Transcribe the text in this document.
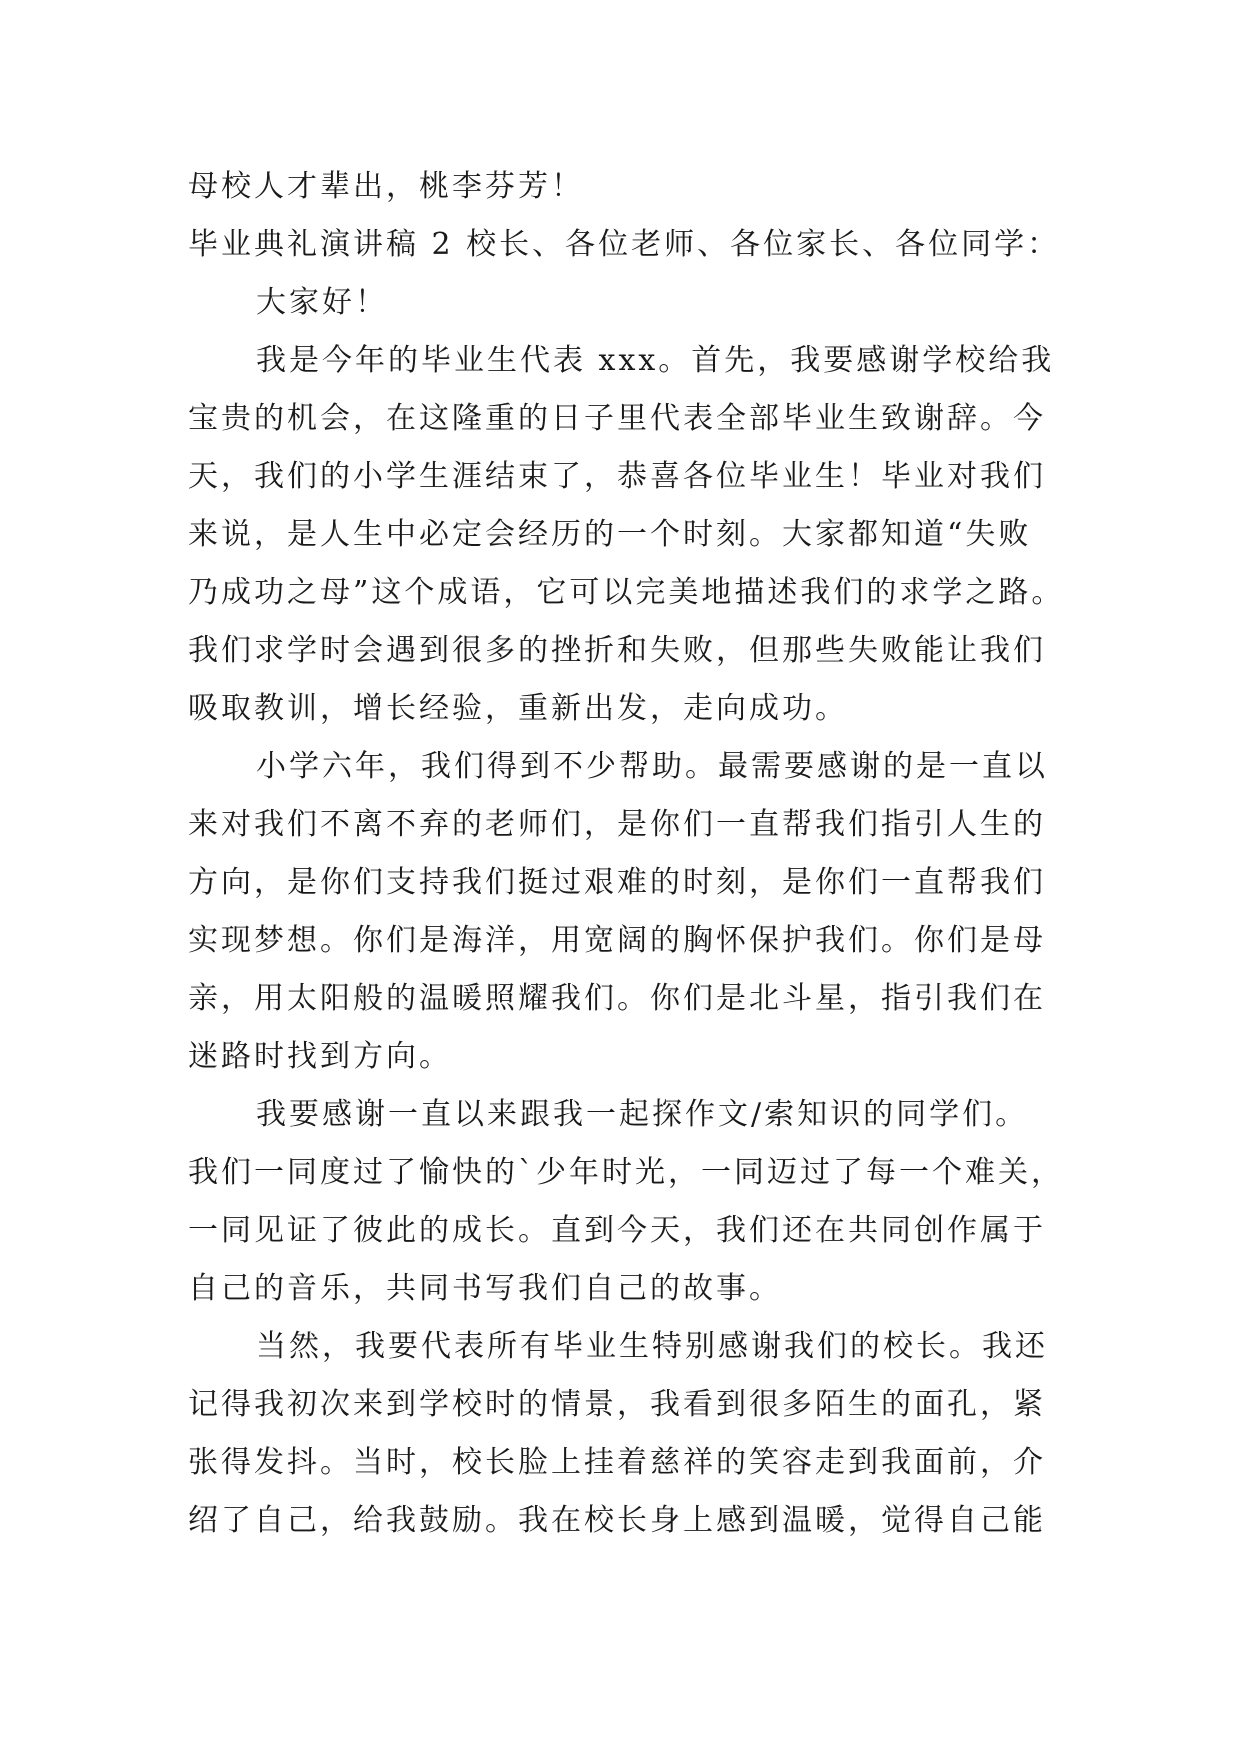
母校人才辈出，桃李芬芳！

毕业典礼演讲稿 2 校长、各位老师、各位家长、各位同学：

大家好！

我是今年的毕业生代表 xxx。首先，我要感谢学校给我

宝贵的机会，在这隆重的日子里代表全部毕业生致谢辞。今

天，我们的小学生涯结束了，恭喜各位毕业生！毕业对我们

来说，是人生中必定会经历的一个时刻。大家都知道“失败

乃成功之母”这个成语，它可以完美地描述我们的求学之路。

我们求学时会遇到很多的挫折和失败，但那些失败能让我们

吸取教训，增长经验，重新出发，走向成功。

小学六年，我们得到不少帮助。最需要感谢的是一直以

来对我们不离不弃的老师们，是你们一直帮我们指引人生的

方向，是你们支持我们挺过艰难的时刻，是你们一直帮我们

实现梦想。你们是海洋，用宽阔的胸怀保护我们。你们是母

亲，用太阳般的温暖照耀我们。你们是北斗星，指引我们在

迷路时找到方向。

我要感谢一直以来跟我一起探作文/索知识的同学们。

我们一同度过了愉快的`少年时光，一同迈过了每一个难关，

一同见证了彼此的成长。直到今天，我们还在共同创作属于

自己的音乐，共同书写我们自己的故事。

当然，我要代表所有毕业生特别感谢我们的校长。我还

记得我初次来到学校时的情景，我看到很多陌生的面孔，紧

张得发抖。当时，校长脸上挂着慈祥的笑容走到我面前，介

绍了自己，给我鼓励。我在校长身上感到温暖，觉得自己能
